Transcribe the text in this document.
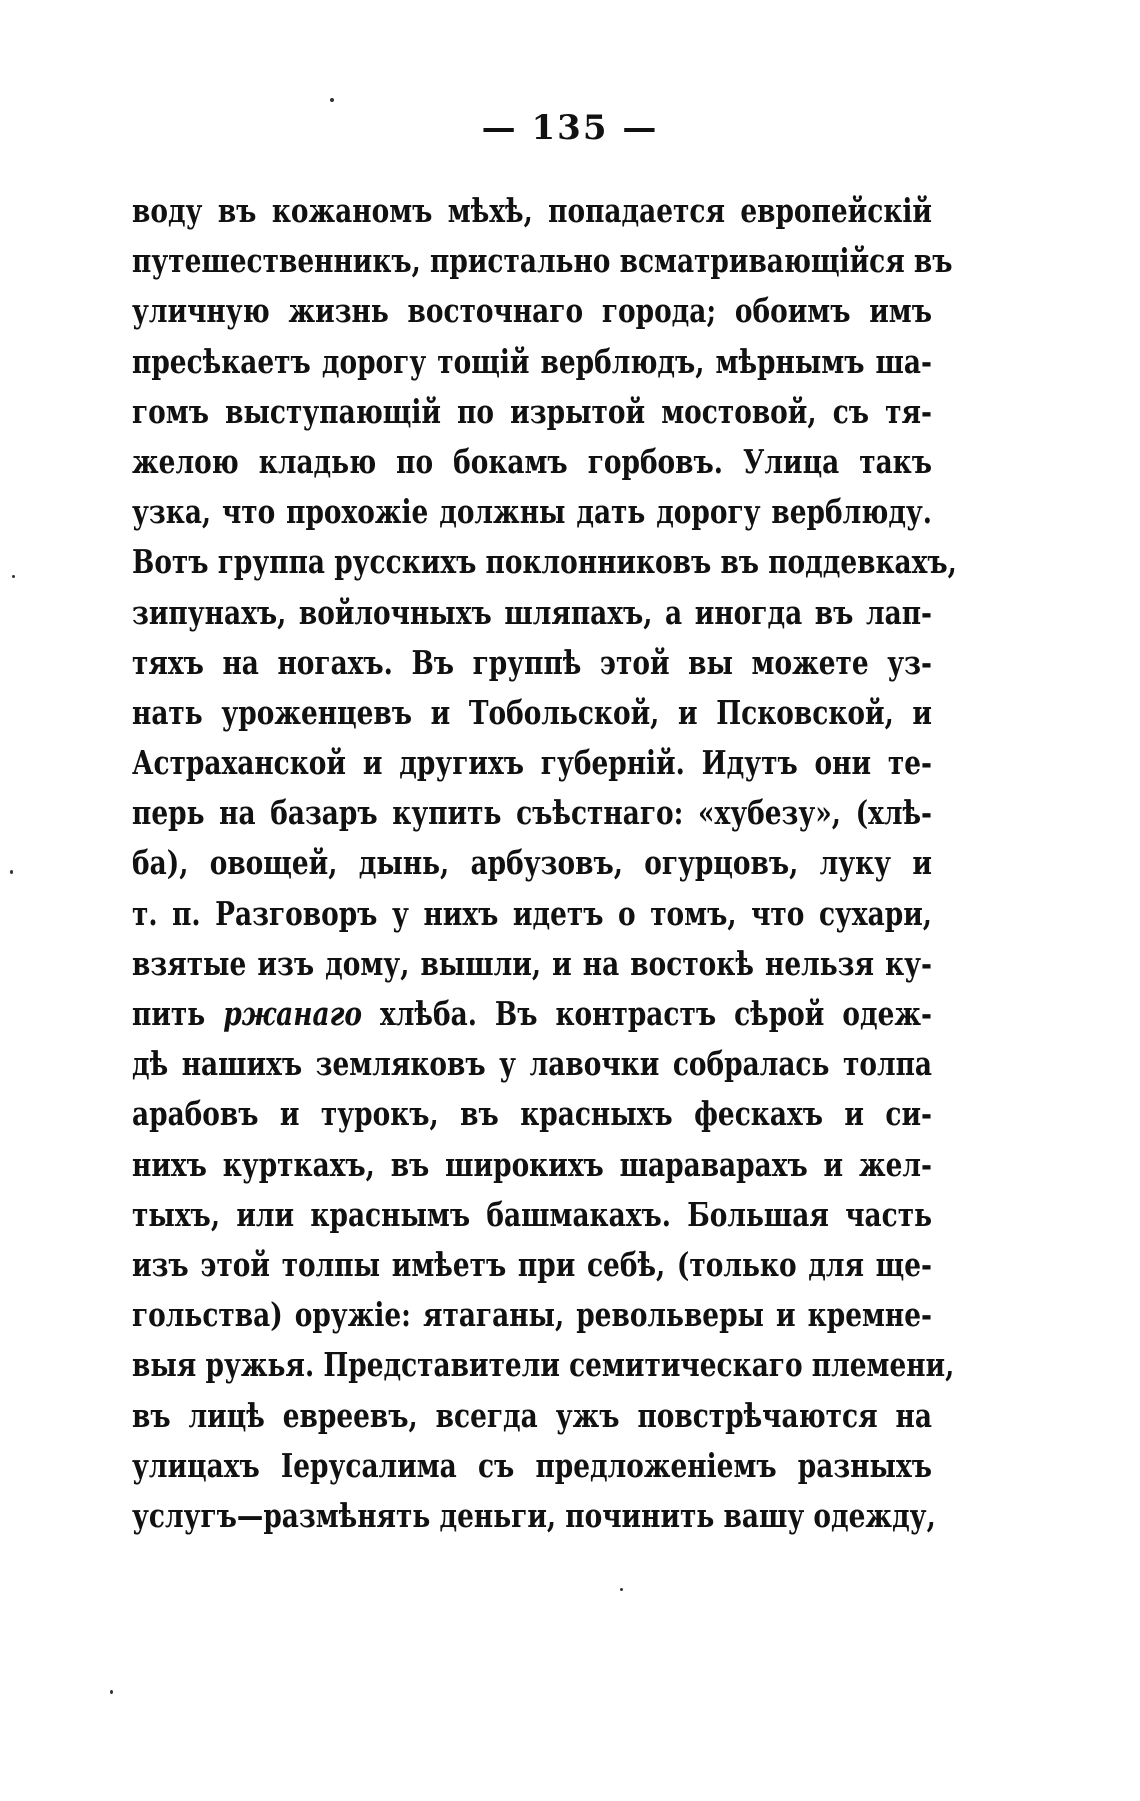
— 135 —
воду въ кожаномъ мѣхѣ, попадается европейскій
путешественникъ, пристально всматривающійся въ
уличную жизнь восточнаго города; обоимъ имъ
пресѣкаетъ дорогу тощій верблюдъ, мѣрнымъ ша-
гомъ выступающій по изрытой мостовой, съ тя-
желою кладью по бокамъ горбовъ. Улица такъ
узка, что прохожіе должны дать дорогу верблюду.
Вотъ группа русскихъ поклонниковъ въ поддевкахъ,
зипунахъ, войлочныхъ шляпахъ, а иногда въ лап-
тяхъ на ногахъ. Въ группѣ этой вы можете уз-
нать уроженцевъ и Тобольской, и Псковской, и
Астраханской и другихъ губерній. Идутъ они те-
перь на базаръ купить съѣстнаго: «хубезу», (хлѣ-
ба), овощей, дынь, арбузовъ, огурцовъ, луку и
т. п. Разговоръ у нихъ идетъ о томъ, что сухари,
взятые изъ дому, вышли, и на востокѣ нельзя ку-
пить ржанаго хлѣба. Въ контрастъ сѣрой одеж-
дѣ нашихъ земляковъ у лавочки собралась толпа
арабовъ и турокъ, въ красныхъ фескахъ и си-
нихъ курткахъ, въ широкихъ шараварахъ и жел-
тыхъ, или краснымъ башмакахъ. Большая часть
изъ этой толпы имѣетъ при себѣ, (только для ще-
гольства) оружіе: ятаганы, револьверы и кремне-
выя ружья. Представители семитическаго племени,
въ лицѣ евреевъ, всегда ужъ повстрѣчаются на
улицахъ Іерусалима съ предложеніемъ разныхъ
услугъ—размѣнять деньги, починить вашу одежду,
